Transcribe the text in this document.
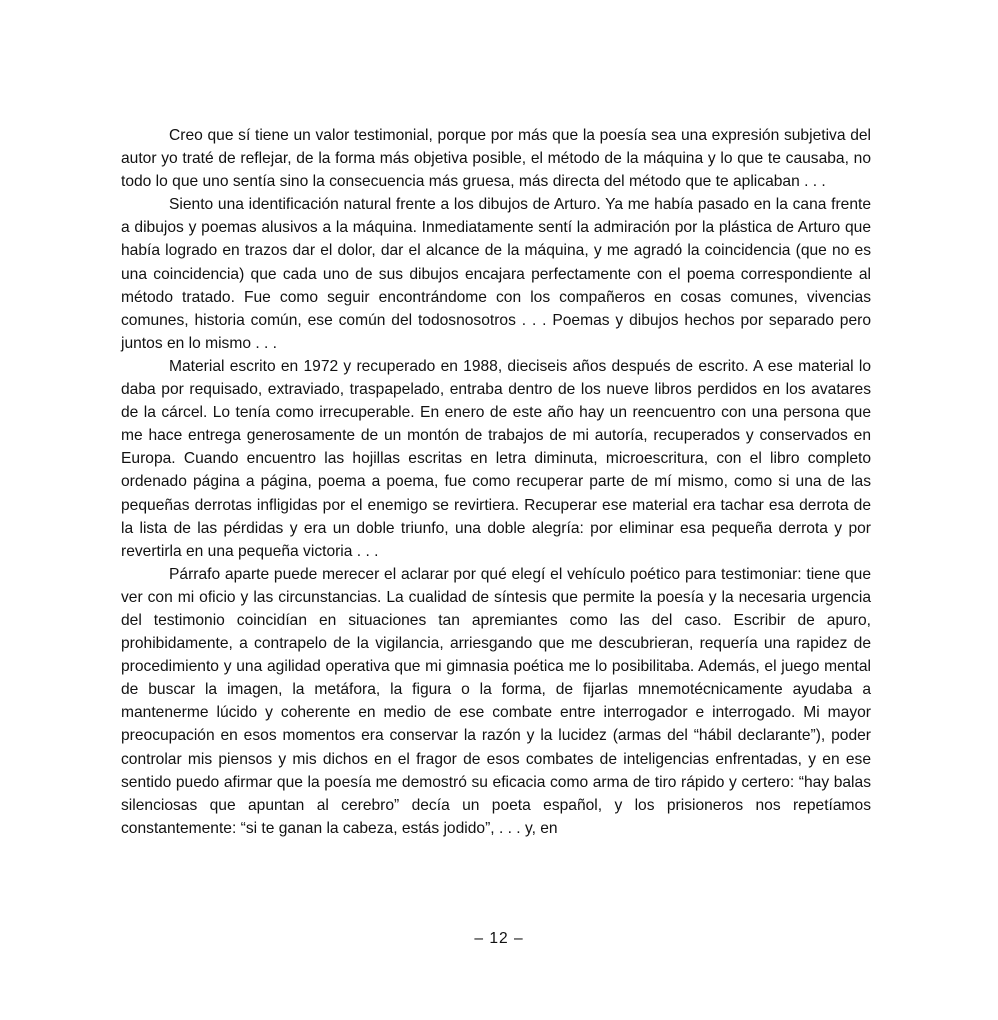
Creo que sí tiene un valor testimonial, porque por más que la poesía sea una expresión subjetiva del autor yo traté de reflejar, de la forma más objetiva posible, el método de la máquina y lo que te causaba, no todo lo que uno sentía sino la consecuencia más gruesa, más directa del método que te aplicaban . . .

Siento una identificación natural frente a los dibujos de Arturo. Ya me había pasado en la cana frente a dibujos y poemas alusivos a la máquina. Inmediatamente sentí la admiración por la plástica de Arturo que había logrado en trazos dar el dolor, dar el alcance de la máquina, y me agradó la coincidencia (que no es una coincidencia) que cada uno de sus dibujos encajara perfectamente con el poema correspondiente al método tratado. Fue como seguir encontrándome con los compañeros en cosas comunes, vivencias comunes, historia común, ese común del todosnosotros . . . Poemas y dibujos hechos por separado pero juntos en lo mismo . . .

Material escrito en 1972 y recuperado en 1988, dieciseis años después de escrito. A ese material lo daba por requisado, extraviado, traspapelado, entraba dentro de los nueve libros perdidos en los avatares de la cárcel. Lo tenía como irrecuperable. En enero de este año hay un reencuentro con una persona que me hace entrega generosamente de un montón de trabajos de mi autoría, recuperados y conservados en Europa. Cuando encuentro las hojillas escritas en letra diminuta, microescritura, con el libro completo ordenado página a página, poema a poema, fue como recuperar parte de mí mismo, como si una de las pequeñas derrotas infligidas por el enemigo se revirtiera. Recuperar ese material era tachar esa derrota de la lista de las pérdidas y era un doble triunfo, una doble alegría: por eliminar esa pequeña derrota y por revertirla en una pequeña victoria . . .

Párrafo aparte puede merecer el aclarar por qué elegí el vehículo poético para testimoniar: tiene que ver con mi oficio y las circunstancias. La cualidad de síntesis que permite la poesía y la necesaria urgencia del testimonio coincidían en situaciones tan apremiantes como las del caso. Escribir de apuro, prohibidamente, a contrapelo de la vigilancia, arriesgando que me descubrieran, requería una rapidez de procedimiento y una agilidad operativa que mi gimnasia poética me lo posibilitaba. Además, el juego mental de buscar la imagen, la metáfora, la figura o la forma, de fijarlas mnemotécnicamente ayudaba a mantenerme lúcido y coherente en medio de ese combate entre interrogador e interrogado. Mi mayor preocupación en esos momentos era conservar la razón y la lucidez (armas del “hábil declarante”), poder controlar mis piensos y mis dichos en el fragor de esos combates de inteligencias enfrentadas, y en ese sentido puedo afirmar que la poesía me demostró su eficacia como arma de tiro rápido y certero: “hay balas silenciosas que apuntan al cerebro” decía un poeta español, y los prisioneros nos repetíamos constantemente: “si te ganan la cabeza, estás jodido”, . . . y, en

– 12 –
